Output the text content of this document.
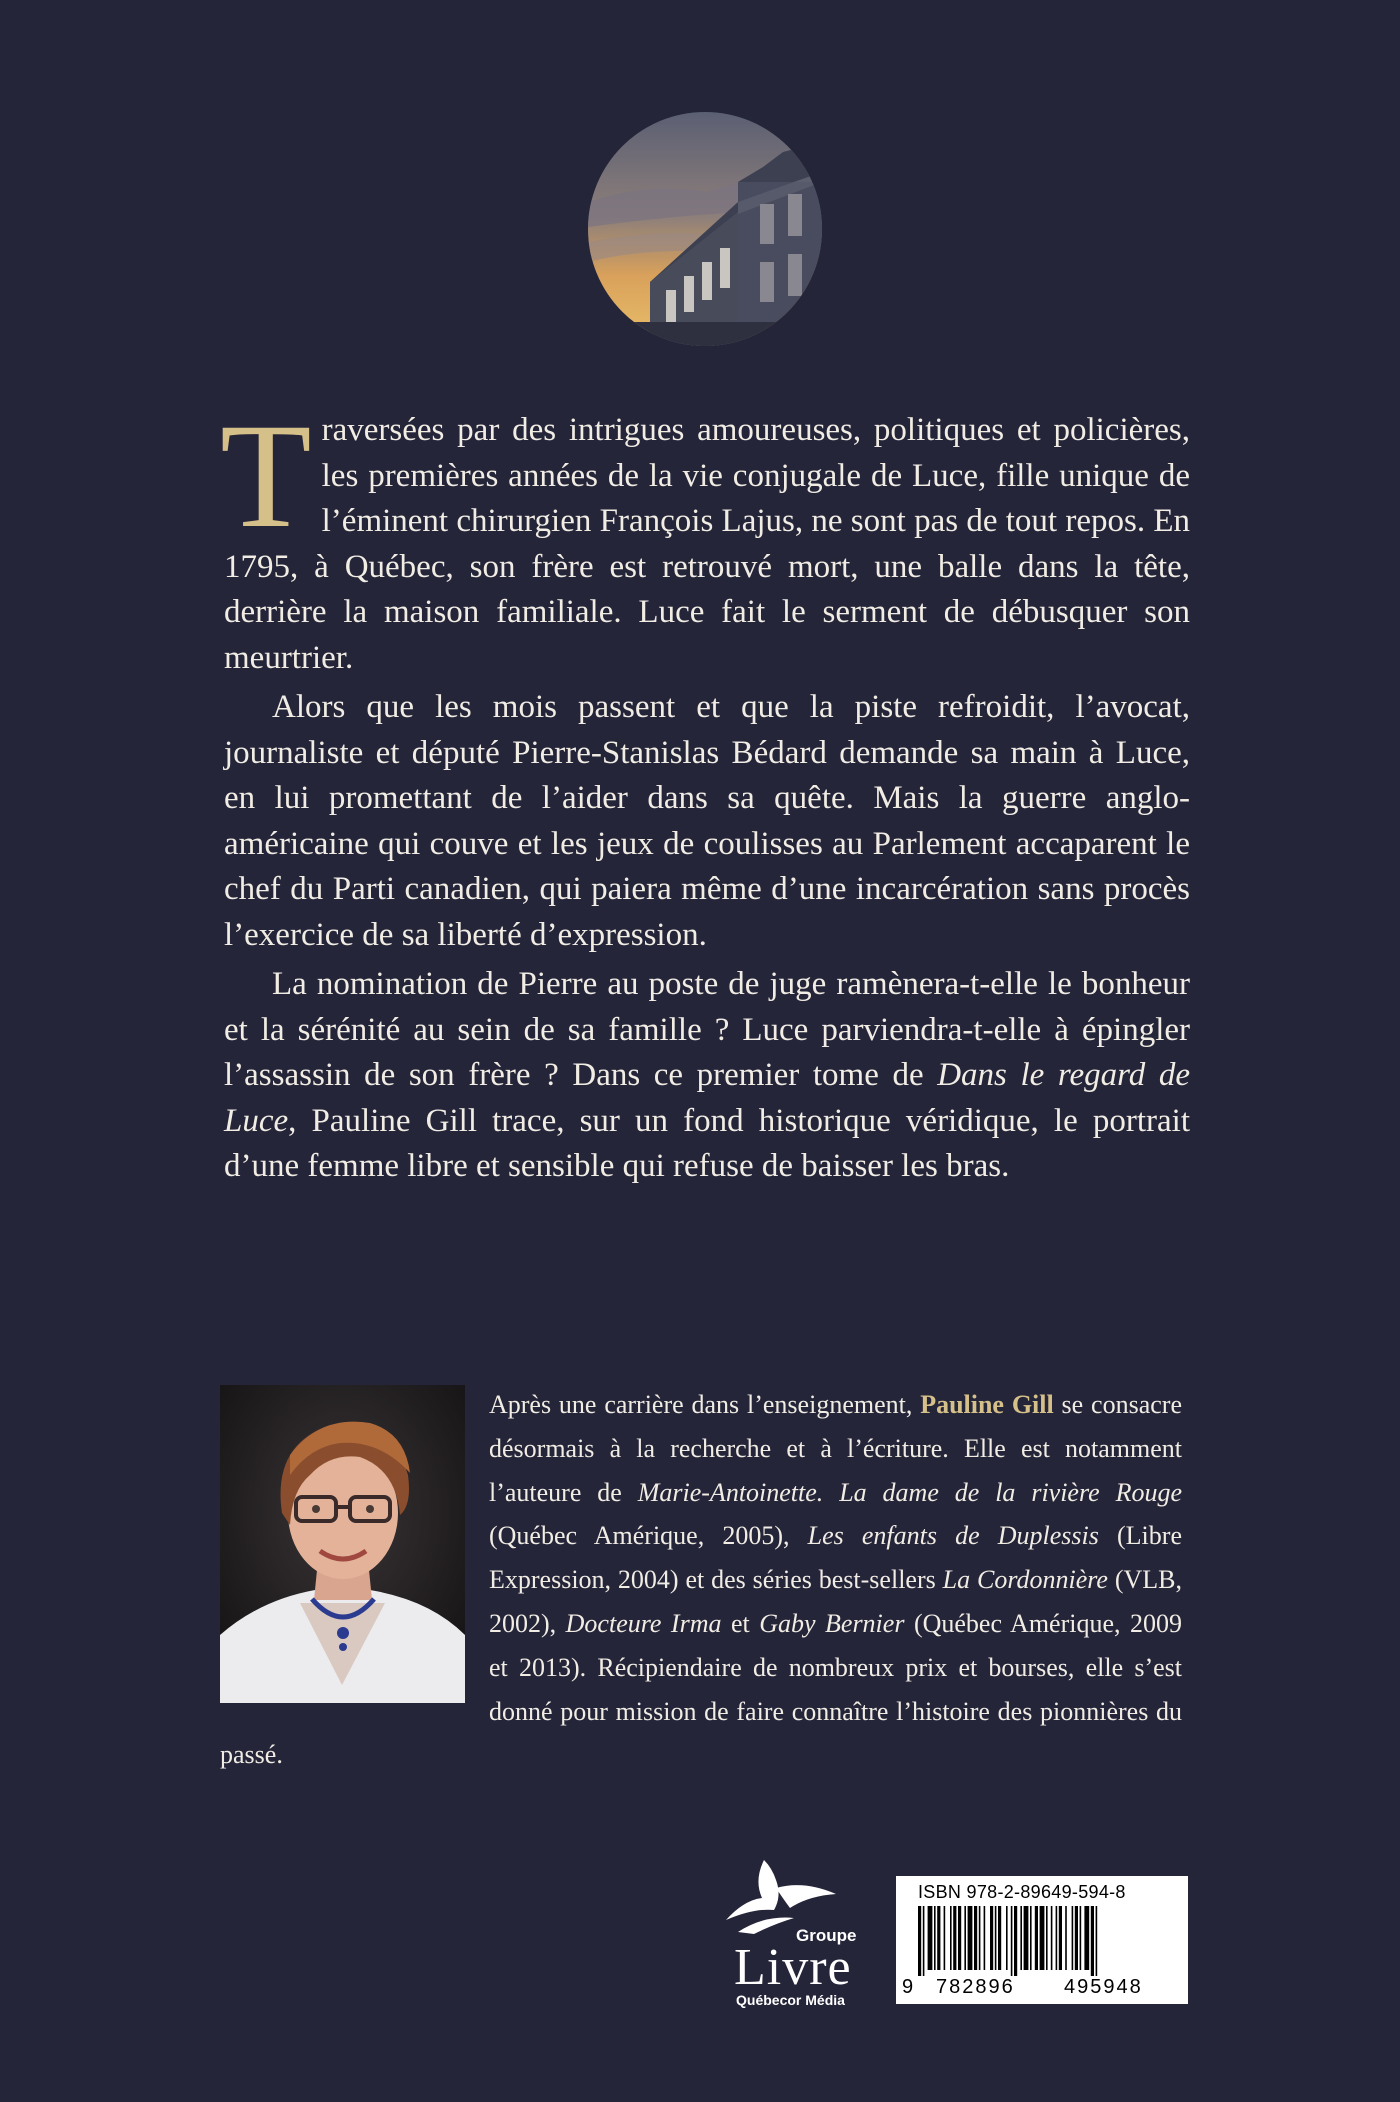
Traversées par des intrigues amoureuses, politiques et policières, les premières années de la vie conjugale de Luce, fille unique de l’éminent chirurgien François Lajus, ne sont pas de tout repos. En 1795, à Québec, son frère est retrouvé mort, une balle dans la tête, derrière la maison familiale. Luce fait le serment de débusquer son meurtrier.

Alors que les mois passent et que la piste refroidit, l’avocat, journaliste et député Pierre-Stanislas Bédard demande sa main à Luce, en lui promettant de l’aider dans sa quête. Mais la guerre anglo-américaine qui couve et les jeux de coulisses au Parlement accaparent le chef du Parti canadien, qui paiera même d’une incarcération sans procès l’exercice de sa liberté d’expression.

La nomination de Pierre au poste de juge ramènera-t-elle le bonheur et la sérénité au sein de sa famille ? Luce parviendra-t-elle à épingler l’assassin de son frère ? Dans ce premier tome de Dans le regard de Luce, Pauline Gill trace, sur un fond historique véridique, le portrait d’une femme libre et sensible qui refuse de baisser les bras.

Après une carrière dans l’enseignement, Pauline Gill se consacre désormais à la recherche et à l’écriture. Elle est notamment l’auteure de Marie-Antoinette. La dame de la rivière Rouge (Québec Amérique, 2005), Les enfants de Duplessis (Libre Expression, 2004) et des séries best-sellers La Cordonnière (VLB, 2002), Docteure Irma et Gaby Bernier (Québec Amérique, 2009 et 2013). Récipiendaire de nombreux prix et bourses, elle s’est donné pour mission de faire connaître l’histoire des pionnières du passé.

Groupe
Livre
Québecor Média
ISBN 978-2-89649-594-8
9 782896 495948
